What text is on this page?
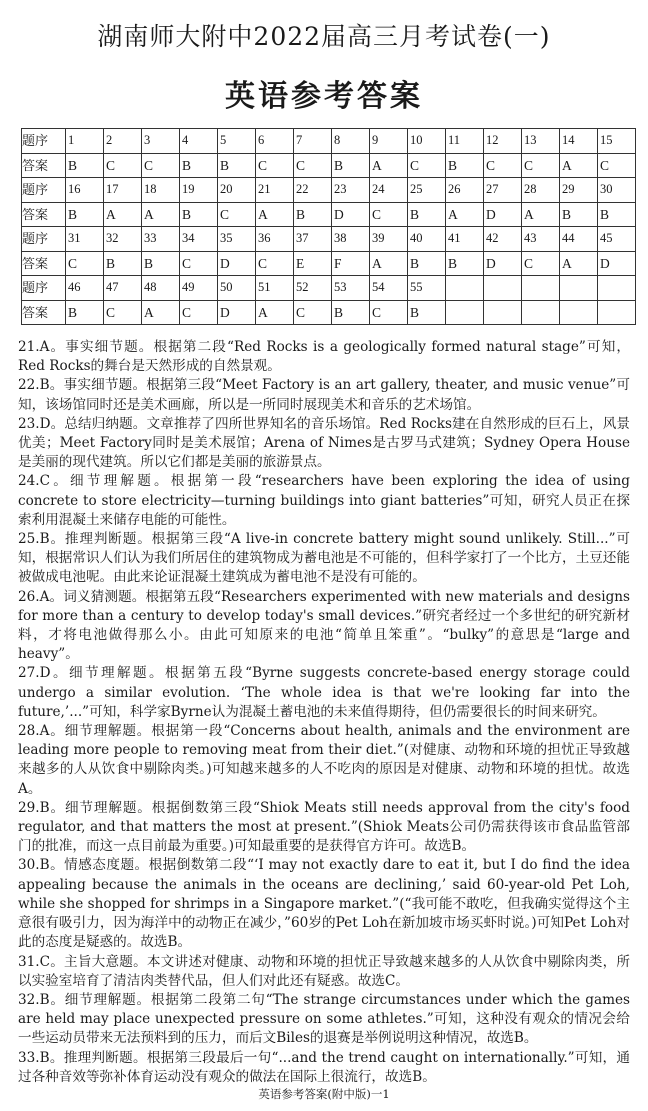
湖南师大附中2022届高三月考试卷(一)
英语参考答案
题序	1	2	3	4	5	6	7	8	9	10	11	12	13	14	15
答案	B	C	C	B	B	C	C	B	A	C	B	C	C	A	C
题序	16	17	18	19	20	21	22	23	24	25	26	27	28	29	30
答案	B	A	A	B	C	A	B	D	C	B	A	D	A	B	B
题序	31	32	33	34	35	36	37	38	39	40	41	42	43	44	45
答案	C	B	B	C	D	C	E	F	A	B	B	D	C	A	D
题序	46	47	48	49	50	51	52	53	54	55					
答案	B	C	A	C	D	A	C	B	C	B					

21.A。事实细节题。根据第二段“Red Rocks is a geologically formed natural stage”可知，Red Rocks的舞台是天然形成的自然景观。

22.B。事实细节题。根据第三段“Meet Factory is an art gallery, theater, and music venue”可知，该场馆同时还是美术画廊，所以是一所同时展现美术和音乐的艺术场馆。

23.D。总结归纳题。文章推荐了四所世界知名的音乐场馆。Red Rocks建在自然形成的巨石上，风景优美；Meet Factory同时是美术展馆；Arena of Nimes是古罗马式建筑；Sydney Opera House是美丽的现代建筑。所以它们都是美丽的旅游景点。

24.C。细节理解题。根据第一段“researchers have been exploring the idea of using concrete to store electricity—turning buildings into giant batteries”可知，研究人员正在探索利用混凝土来储存电能的可能性。

25.B。推理判断题。根据第三段“A live-in concrete battery might sound unlikely. Still...”可知，根据常识人们认为我们所居住的建筑物成为蓄电池是不可能的，但科学家打了一个比方，土豆还能被做成电池呢。由此来论证混凝土建筑成为蓄电池不是没有可能的。

26.A。词义猜测题。根据第五段“Researchers experimented with new materials and designs for more than a century to develop today's small devices.”研究者经过一个多世纪的研究新材料，才将电池做得那么小。由此可知原来的电池“简单且笨重”。“bulky”的意思是“large and heavy”。

27.D。细节理解题。根据第五段“Byrne suggests concrete-based energy storage could undergo a similar evolution. ‘The whole idea is that we're looking far into the future,’...”可知，科学家Byrne认为混凝土蓄电池的未来值得期待，但仍需要很长的时间来研究。

28.A。细节理解题。根据第一段“Concerns about health, animals and the environment are leading more people to removing meat from their diet.”(对健康、动物和环境的担忧正导致越来越多的人从饮食中剔除肉类。)可知越来越多的人不吃肉的原因是对健康、动物和环境的担忧。故选A。

29.B。细节理解题。根据倒数第三段“Shiok Meats still needs approval from the city's food regulator, and that matters the most at present.”(Shiok Meats公司仍需获得该市食品监管部门的批准，而这一点目前最为重要。)可知最重要的是获得官方许可。故选B。

30.B。情感态度题。根据倒数第二段“‘I may not exactly dare to eat it, but I do find the idea appealing because the animals in the oceans are declining,’ said 60-year-old Pet Loh, while she shopped for shrimps in a Singapore market.”(“我可能不敢吃，但我确实觉得这个主意很有吸引力，因为海洋中的动物正在减少，”60岁的Pet Loh在新加坡市场买虾时说。)可知Pet Loh对此的态度是疑惑的。故选B。

31.C。主旨大意题。本文讲述对健康、动物和环境的担忧正导致越来越多的人从饮食中剔除肉类，所以实验室培育了清洁肉类替代品，但人们对此还有疑惑。故选C。

32.B。细节理解题。根据第二段第二句“The strange circumstances under which the games are held may place unexpected pressure on some athletes.”可知，这种没有观众的情况会给一些运动员带来无法预料到的压力，而后文Biles的退赛是举例说明这种情况，故选B。

33.B。推理判断题。根据第三段最后一句“...and the trend caught on internationally.”可知，通过各种音效等弥补体育运动没有观众的做法在国际上很流行，故选B。

英语参考答案(附中版)一1
